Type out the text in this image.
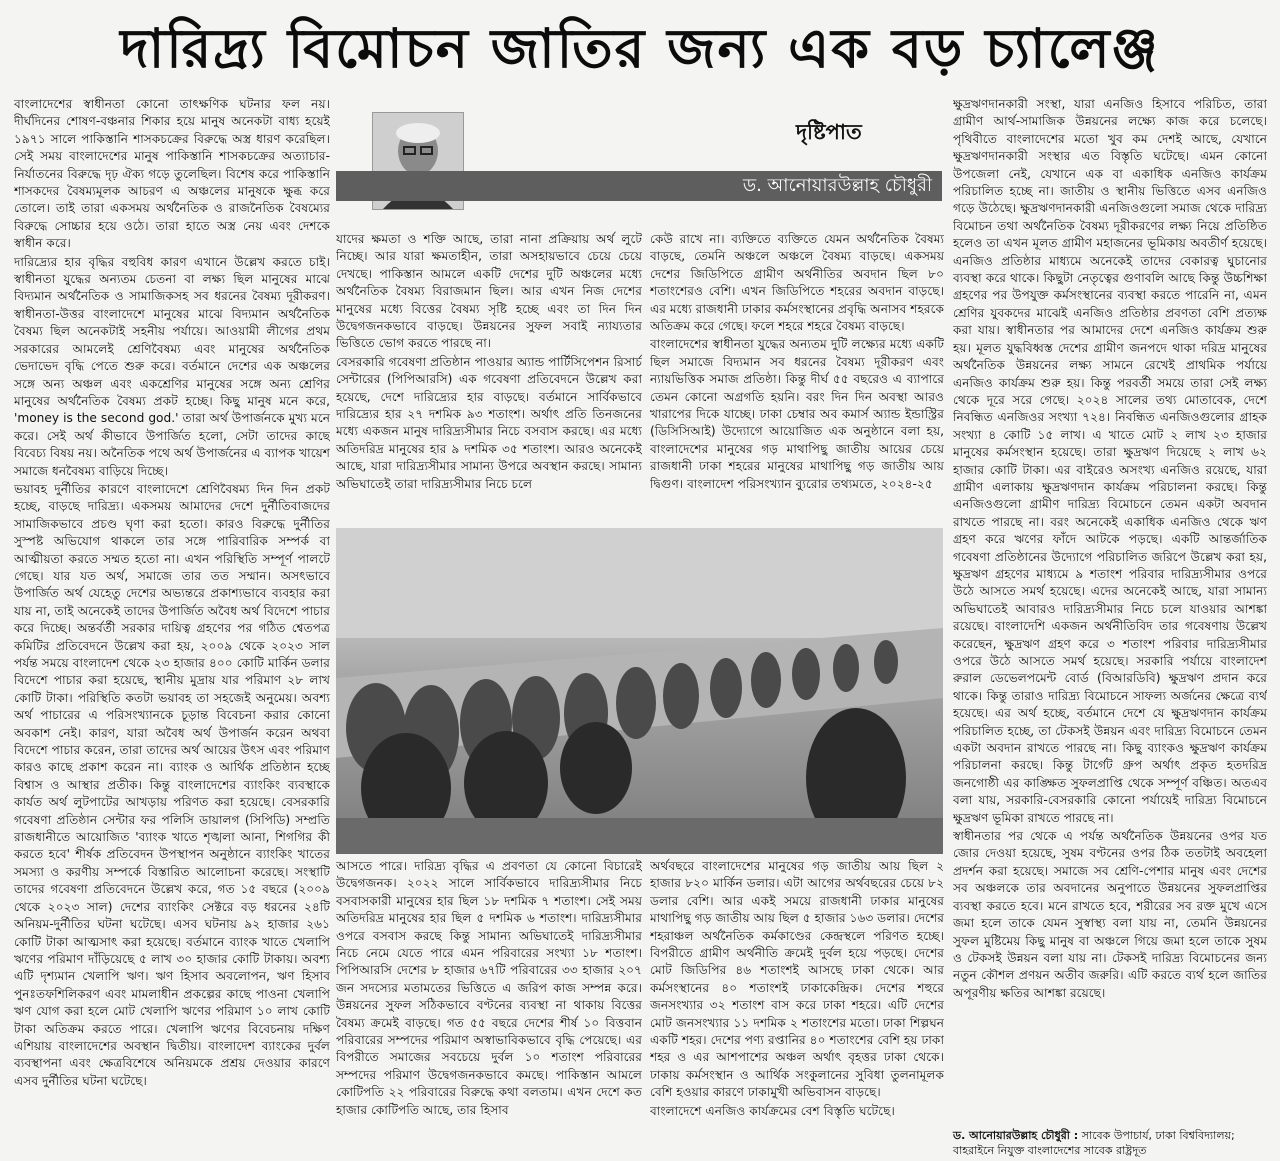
দারিদ্র্য বিমোচন জাতির জন্য এক বড় চ্যালেঞ্জ

বাংলাদেশের স্বাধীনতা কোনো তাৎক্ষণিক ঘটনার ফল নয়। দীর্ঘদিনের শোষণ-বঞ্চনার শিকার হয়ে মানুষ অনেকটা বাধ্য হয়েই ১৯৭১ সালে পাকিস্তানি শাসকচক্রের বিরুদ্ধে অস্ত্র ধারণ করেছিল। সেই সময় বাংলাদেশের মানুষ পাকিস্তানি শাসকচক্রের অত্যাচার-নির্যাতনের বিরুদ্ধে দৃঢ় ঐক্য গড়ে তুলেছিল। বিশেষ করে পাকিস্তানি শাসকদের বৈষম্যমূলক আচরণ এ অঞ্চলের মানুষকে ক্ষুব্ধ করে তোলে। তাই তারা একসময় অর্থনৈতিক ও রাজনৈতিক বৈষম্যের বিরুদ্ধে সোচ্চার হয়ে ওঠে। তারা হাতে অস্ত্র নেয় এবং দেশকে স্বাধীন করে।

দারিদ্র্যের হার বৃদ্ধির বহুবিধ কারণ এখানে উল্লেখ করতে চাই। স্বাধীনতা যুদ্ধের অন্যতম চেতনা বা লক্ষ্য ছিল মানুষের মাঝে বিদ্যমান অর্থনৈতিক ও সামাজিকসহ সব ধরনের বৈষম্য দূরীকরণ। স্বাধীনতা-উত্তর বাংলাদেশে মানুষের মাঝে বিদ্যমান অর্থনৈতিক বৈষম্য ছিল অনেকটাই সহনীয় পর্যায়ে। আওয়ামী লীগের প্রথম সরকারের আমলেই শ্রেণিবৈষম্য এবং মানুষের অর্থনৈতিক ভেদাভেদ বৃদ্ধি পেতে শুরু করে। বর্তমানে দেশের এক অঞ্চলের সঙ্গে অন্য অঞ্চল এবং একশ্রেণির মানুষের সঙ্গে অন্য শ্রেণির মানুষের অর্থনৈতিক বৈষম্য প্রকট হচ্ছে। কিছু মানুষ মনে করে, 'money is the second god.' তারা অর্থ উপার্জনকে মুখ্য মনে করে। সেই অর্থ কীভাবে উপার্জিত হলো, সেটা তাদের কাছে বিবেচ্য বিষয় নয়। অনৈতিক পথে অর্থ উপার্জনের এ ব্যাপক খায়েশ সমাজে ধনবৈষম্য বাড়িয়ে দিচ্ছে।

ভয়াবহ দুর্নীতির কারণে বাংলাদেশে শ্রেণিবৈষম্য দিন দিন প্রকট হচ্ছে, বাড়ছে দারিদ্র্য। একসময় আমাদের দেশে দুর্নীতিবাজদের সামাজিকভাবে প্রচণ্ড ঘৃণা করা হতো। কারও বিরুদ্ধে দুর্নীতির সুস্পষ্ট অভিযোগ থাকলে তার সঙ্গে পারিবারিক সম্পর্ক বা আত্মীয়তা করতে সম্মত হতো না। এখন পরিস্থিতি সম্পূর্ণ পালটে গেছে। যার যত অর্থ, সমাজে তার তত সম্মান। অসৎভাবে উপার্জিত অর্থ যেহেতু দেশের অভ্যন্তরে প্রকাশ্যভাবে ব্যবহার করা যায় না, তাই অনেকেই তাদের উপার্জিত অবৈধ অর্থ বিদেশে পাচার করে দিচ্ছে। অন্তর্বর্তী সরকার দায়িত্ব গ্রহণের পর গঠিত শ্বেতপত্র কমিটির প্রতিবেদনে উল্লেখ করা হয়, ২০০৯ থেকে ২০২৩ সাল পর্যন্ত সময়ে বাংলাদেশ থেকে ২৩ হাজার ৪০০ কোটি মার্কিন ডলার বিদেশে পাচার করা হয়েছে, স্থানীয় মুদ্রায় যার পরিমাণ ২৮ লাখ কোটি টাকা। পরিস্থিতি কতটা ভয়াবহ তা সহজেই অনুমেয়। অবশ্য অর্থ পাচারের এ পরিসংখ্যানকে চূড়ান্ত বিবেচনা করার কোনো অবকাশ নেই। কারণ, যারা অবৈধ অর্থ উপার্জন করেন অথবা বিদেশে পাচার করেন, তারা তাদের অর্থ আয়ের উৎস এবং পরিমাণ কারও কাছে প্রকাশ করেন না। ব্যাংক ও আর্থিক প্রতিষ্ঠান হচ্ছে বিশ্বাস ও আস্থার প্রতীক। কিন্তু বাংলাদেশের ব্যাংকিং ব্যবস্থাকে কার্যত অর্থ লুটপাটের আখড়ায় পরিণত করা হয়েছে। বেসরকারি গবেষণা প্রতিষ্ঠান সেন্টার ফর পলিসি ডায়ালগ (সিপিডি) সম্প্রতি রাজধানীতে আয়োজিত 'ব্যাংক খাতে শৃঙ্খলা আনা, শিগগির কী করতে হবে' শীর্ষক প্রতিবেদন উপস্থাপন অনুষ্ঠানে ব্যাংকিং খাতের সমস্যা ও করণীয় সম্পর্কে বিস্তারিত আলোচনা করেছে। সংস্থাটি তাদের গবেষণা প্রতিবেদনে উল্লেখ করে, গত ১৫ বছরে (২০০৯ থেকে ২০২৩ সাল) দেশের ব্যাংকিং সেক্টরে বড় ধরনের ২৪টি অনিয়ম-দুর্নীতির ঘটনা ঘটেছে। এসব ঘটনায় ৯২ হাজার ২৬১ কোটি টাকা আত্মসাৎ করা হয়েছে। বর্তমানে ব্যাংক খাতে খেলাপি ঋণের পরিমাণ দাঁড়িয়েছে ৫ লাখ ৩০ হাজার কোটি টাকায়। অবশ্য এটি দৃশ্যমান খেলাপি ঋণ। ঋণ হিসাব অবলোপন, ঋণ হিসাব পুনঃতফশিলিকরণ এবং মামলাধীন প্রকল্পের কাছে পাওনা খেলাপি ঋণ যোগ করা হলে মোট খেলাপি ঋণের পরিমাণ ১০ লাখ কোটি টাকা অতিক্রম করতে পারে। খেলাপি ঋণের বিবেচনায় দক্ষিণ এশিয়ায় বাংলাদেশের অবস্থান দ্বিতীয়। বাংলাদেশ ব্যাংকের দুর্বল ব্যবস্থাপনা এবং ক্ষেত্রবিশেষে অনিয়মকে প্রশ্রয় দেওয়ার কারণে এসব দুর্নীতির ঘটনা ঘটেছে।

দৃষ্টিপাত
ড. আনোয়ারউল্লাহ চৌধুরী

যাদের ক্ষমতা ও শক্তি আছে, তারা নানা প্রক্রিয়ায় অর্থ লুটে নিচ্ছে। আর যারা ক্ষমতাহীন, তারা অসহায়ভাবে চেয়ে চেয়ে দেখছে। পাকিস্তান আমলে একটি দেশের দুটি অঞ্চলের মধ্যে অর্থনৈতিক বৈষম্য বিরাজমান ছিল। আর এখন নিজ দেশের মানুষের মধ্যে বিত্তের বৈষম্য সৃষ্টি হচ্ছে এবং তা দিন দিন উদ্বেগজনকভাবে বাড়ছে। উন্নয়নের সুফল সবাই ন্যায্যতার ভিত্তিতে ভোগ করতে পারছে না।

বেসরকারি গবেষণা প্রতিষ্ঠান পাওয়ার অ্যান্ড পার্টিসিপেশন রিসার্চ সেন্টারের (পিপিআরসি) এক গবেষণা প্রতিবেদনে উল্লেখ করা হয়েছে, দেশে দারিদ্র্যের হার বাড়ছে। বর্তমানে সার্বিকভাবে দারিদ্র্যের হার ২৭ দশমিক ৯৩ শতাংশ। অর্থাৎ প্রতি তিনজনের মধ্যে একজন মানুষ দারিদ্র্যসীমার নিচে বসবাস করছে। এর মধ্যে অতিদরিদ্র মানুষের হার ৯ দশমিক ৩৫ শতাংশ। আরও অনেকেই আছে, যারা দারিদ্র্যসীমার সামান্য উপরে অবস্থান করছে। সামান্য অভিঘাতেই তারা দারিদ্র্যসীমার নিচে চলে

কেউ রাখে না। ব্যক্তিতে ব্যক্তিতে যেমন অর্থনৈতিক বৈষম্য বাড়ছে, তেমনি অঞ্চলে অঞ্চলে বৈষম্য বাড়ছে। একসময় দেশের জিডিপিতে গ্রামীণ অর্থনীতির অবদান ছিল ৮০ শতাংশেরও বেশি। এখন জিডিপিতে শহরের অবদান বাড়ছে। এর মধ্যে রাজধানী ঢাকার কর্মসংস্থানের প্রবৃদ্ধি অনাসব শহরকে অতিক্রম করে গেছে। ফলে শহরে শহরে বৈষম্য বাড়ছে।

বাংলাদেশের স্বাধীনতা যুদ্ধের অন্যতম দুটি লক্ষ্যের মধ্যে একটি ছিল সমাজে বিদ্যমান সব ধরনের বৈষম্য দূরীকরণ এবং ন্যায়ভিত্তিক সমাজ প্রতিষ্ঠা। কিন্তু দীর্ঘ ৫৫ বছরেও এ ব্যাপারে তেমন কোনো অগ্রগতি হয়নি। বরং দিন দিন অবস্থা আরও খারাপের দিকে যাচ্ছে। ঢাকা চেম্বার অব কমার্স অ্যান্ড ইন্ডাস্ট্রির (ডিসিসিআই) উদ্যোগে আয়োজিত এক অনুষ্ঠানে বলা হয়, বাংলাদেশের মানুষের গড় মাথাপিছু জাতীয় আয়ের চেয়ে রাজধানী ঢাকা শহরের মানুষের মাথাপিছু গড় জাতীয় আয় দ্বিগুণ। বাংলাদেশ পরিসংখ্যান ব্যুরোর তথ্যমতে, ২০২৪-২৫

আসতে পারে। দারিদ্র্য বৃদ্ধির এ প্রবণতা যে কোনো বিচারেই উদ্বেগজনক। ২০২২ সালে সার্বিকভাবে দারিদ্র্যসীমার নিচে বসবাসকারী মানুষের হার ছিল ১৮ দশমিক ৭ শতাংশ। সেই সময় অতিদরিদ্র মানুষের হার ছিল ৫ দশমিক ৬ শতাংশ। দারিদ্র্যসীমার ওপরে বসবাস করছে কিন্তু সামান্য অভিঘাতেই দারিদ্র্যসীমার নিচে নেমে যেতে পারে এমন পরিবারের সংখ্যা ১৮ শতাংশ। পিপিআরসি দেশের ৮ হাজার ৬৭টি পরিবারের ৩৩ হাজার ২০৭ জন সদস্যের মতামতের ভিত্তিতে এ জরিপ কাজ সম্পন্ন করে। উন্নয়নের সুফল সঠিকভাবে বণ্টনের ব্যবস্থা না থাকায় বিত্তের বৈষম্য ক্রমেই বাড়ছে। গত ৫৫ বছরে দেশের শীর্ষ ১০ বিত্তবান পরিবারের সম্পদের পরিমাণ অস্বাভাবিকভাবে বৃদ্ধি পেয়েছে। এর বিপরীতে সমাজের সবচেয়ে দুর্বল ১০ শতাংশ পরিবারের সম্পদের পরিমাণ উদ্বেগজনকভাবে কমছে। পাকিস্তান আমলে কোটিপতি ২২ পরিবারের বিরুদ্ধে কথা বলতাম। এখন দেশে কত হাজার কোটিপতি আছে, তার হিসাব

অর্থবছরে বাংলাদেশের মানুষের গড় জাতীয় আয় ছিল ২ হাজার ৮২০ মার্কিন ডলার। এটা আগের অর্থবছরের চেয়ে ৮২ ডলার বেশি। আর একই সময়ে রাজধানী ঢাকার মানুষের মাথাপিছু গড় জাতীয় আয় ছিল ৫ হাজার ১৬৩ ডলার। দেশের শহরাঞ্চল অর্থনৈতিক কর্মকাণ্ডের কেন্দ্রস্থলে পরিণত হচ্ছে। বিপরীতে গ্রামীণ অর্থনীতি ক্রমেই দুর্বল হয়ে পড়ছে। দেশের মোট জিডিপির ৪৬ শতাংশই আসছে ঢাকা থেকে। আর কর্মসংস্থানের ৪০ শতাংশই ঢাকাকেন্দ্রিক। দেশের শহুরে জনসংখ্যার ৩২ শতাংশ বাস করে ঢাকা শহরে। এটি দেশের মোট জনসংখ্যার ১১ দশমিক ২ শতাংশের মতো। ঢাকা শিল্পঘন একটি শহর। দেশের পণ্য রপ্তানির ৪০ শতাংশের বেশি হয় ঢাকা শহর ও এর আশপাশের অঞ্চল অর্থাৎ বৃহত্তর ঢাকা থেকে। ঢাকায় কর্মসংস্থান ও আর্থিক সংকুলানের সুবিধা তুলনামূলক বেশি হওয়ার কারণে ঢাকামুখী অভিবাসন বাড়ছে।

বাংলাদেশে এনজিও কার্যক্রমের বেশ বিস্তৃতি ঘটেছে।

ক্ষুদ্রঋণদানকারী সংস্থা, যারা এনজিও হিসাবে পরিচিত, তারা গ্রামীণ আর্থ-সামাজিক উন্নয়নের লক্ষ্যে কাজ করে চলেছে। পৃথিবীতে বাংলাদেশের মতো খুব কম দেশই আছে, যেখানে ক্ষুদ্রঋণদানকারী সংস্থার এত বিস্তৃতি ঘটেছে। এমন কোনো উপজেলা নেই, যেখানে এক বা একাধিক এনজিও কার্যক্রম পরিচালিত হচ্ছে না। জাতীয় ও স্থানীয় ভিত্তিতে এসব এনজিও গড়ে উঠেছে। ক্ষুদ্রঋণদানকারী এনজিওগুলো সমাজ থেকে দারিদ্র্য বিমোচন তথা অর্থনৈতিক বৈষম্য দূরীকরণের লক্ষ্য নিয়ে প্রতিষ্ঠিত হলেও তা এখন মূলত গ্রামীণ মহাজনের ভূমিকায় অবতীর্ণ হয়েছে। এনজিও প্রতিষ্ঠার মাধ্যমে অনেকেই তাদের বেকারত্ব ঘুচানোর ব্যবস্থা করে থাকে। কিছুটা নেতৃত্বের গুণাবলি আছে কিন্তু উচ্চশিক্ষা গ্রহণের পর উপযুক্ত কর্মসংস্থানের ব্যবস্থা করতে পারেনি না, এমন শ্রেণির যুবকদের মাঝেই এনজিও প্রতিষ্ঠার প্রবণতা বেশি প্রত্যক্ষ করা যায়। স্বাধীনতার পর আমাদের দেশে এনজিও কার্যক্রম শুরু হয়। মূলত যুদ্ধবিধ্বস্ত দেশের গ্রামীণ জনপদে থাকা দরিদ্র মানুষের অর্থনৈতিক উন্নয়নের লক্ষ্য সামনে রেখেই প্রাথমিক পর্যায়ে এনজিও কার্যক্রম শুরু হয়। কিন্তু পরবর্তী সময়ে তারা সেই লক্ষ্য থেকে দূরে সরে গেছে। ২০২৪ সালের তথ্য মোতাবেক, দেশে নিবন্ধিত এনজিওর সংখ্যা ৭২৪। নিবন্ধিত এনজিওগুলোর গ্রাহক সংখ্যা ৪ কোটি ১৫ লাখ। এ খাতে মোট ২ লাখ ২৩ হাজার মানুষের কর্মসংস্থান হয়েছে। তারা ক্ষুদ্রঋণ দিয়েছে ২ লাখ ৬২ হাজার কোটি টাকা। এর বাইরেও অসংখ্য এনজিও রয়েছে, যারা গ্রামীণ এলাকায় ক্ষুদ্রঋণদান কার্যক্রম পরিচালনা করছে। কিন্তু এনজিওগুলো গ্রামীণ দারিদ্র্য বিমোচনে তেমন একটা অবদান রাখতে পারছে না। বরং অনেকেই একাধিক এনজিও থেকে ঋণ গ্রহণ করে ঋণের ফাঁদে আটকে পড়ছে। একটি আন্তর্জাতিক গবেষণা প্রতিষ্ঠানের উদ্যোগে পরিচালিত জরিপে উল্লেখ করা হয়, ক্ষুদ্রঋণ গ্রহণের মাধ্যমে ৯ শতাংশ পরিবার দারিদ্র্যসীমার ওপরে উঠে আসতে সমর্থ হয়েছে। এদের অনেকেই আছে, যারা সামান্য অভিঘাতেই আবারও দারিদ্র্যসীমার নিচে চলে যাওয়ার আশঙ্কা রয়েছে। বাংলাদেশি একজন অর্থনীতিবিদ তার গবেষণায় উল্লেখ করেছেন, ক্ষুদ্রঋণ গ্রহণ করে ৩ শতাংশ পরিবার দারিদ্র্যসীমার ওপরে উঠে আসতে সমর্থ হয়েছে। সরকারি পর্যায়ে বাংলাদেশ রুরাল ডেভেলপমেন্ট বোর্ড (বিআরডিবি) ক্ষুদ্রঋণ প্রদান করে থাকে। কিন্তু তারাও দারিদ্র্য বিমোচনে সাফল্য অর্জনের ক্ষেত্রে ব্যর্থ হয়েছে। এর অর্থ হচ্ছে, বর্তমানে দেশে যে ক্ষুদ্রঋণদান কার্যক্রম পরিচালিত হচ্ছে, তা টেকসই উন্নয়ন এবং দারিদ্র্য বিমোচনে তেমন একটা অবদান রাখতে পারছে না। কিছু ব্যাংকও ক্ষুদ্রঋণ কার্যক্রম পরিচালনা করছে। কিন্তু টার্গেট গ্রুপ অর্থাৎ প্রকৃত হতদরিদ্র জনগোষ্ঠী এর কাঙ্ক্ষিত সুফলপ্রাপ্তি থেকে সম্পূর্ণ বঞ্চিত। অতএব বলা যায়, সরকারি-বেসরকারি কোনো পর্যায়েই দারিদ্র্য বিমোচনে ক্ষুদ্রঋণ ভূমিকা রাখতে পারছে না।

স্বাধীনতার পর থেকে এ পর্যন্ত অর্থনৈতিক উন্নয়নের ওপর যত জোর দেওয়া হয়েছে, সুষম বণ্টনের ওপর ঠিক ততটাই অবহেলা প্রদর্শন করা হয়েছে। সমাজে সব শ্রেণি-পেশার মানুষ এবং দেশের সব অঞ্চলকে তার অবদানের অনুপাতে উন্নয়নের সুফলপ্রাপ্তির ব্যবস্থা করতে হবে। মনে রাখতে হবে, শরীরের সব রক্ত মুখে এসে জমা হলে তাকে যেমন সুস্বাস্থ্য বলা যায় না, তেমনি উন্নয়নের সুফল মুষ্টিমেয় কিছু মানুষ বা অঞ্চলে গিয়ে জমা হলে তাকে সুষম ও টেকসই উন্নয়ন বলা যায় না। টেকসই দারিদ্র্য বিমোচনের জন্য নতুন কৌশল প্রণয়ন অতীব জরুরি। এটি করতে ব্যর্থ হলে জাতির অপূরণীয় ক্ষতির আশঙ্কা রয়েছে।

ড. আনোয়ারউল্লাহ চৌধুরী : সাবেক উপাচার্য, ঢাকা বিশ্ববিদ্যালয়; বাহরাইনে নিযুক্ত বাংলাদেশের সাবেক রাষ্ট্রদূত
